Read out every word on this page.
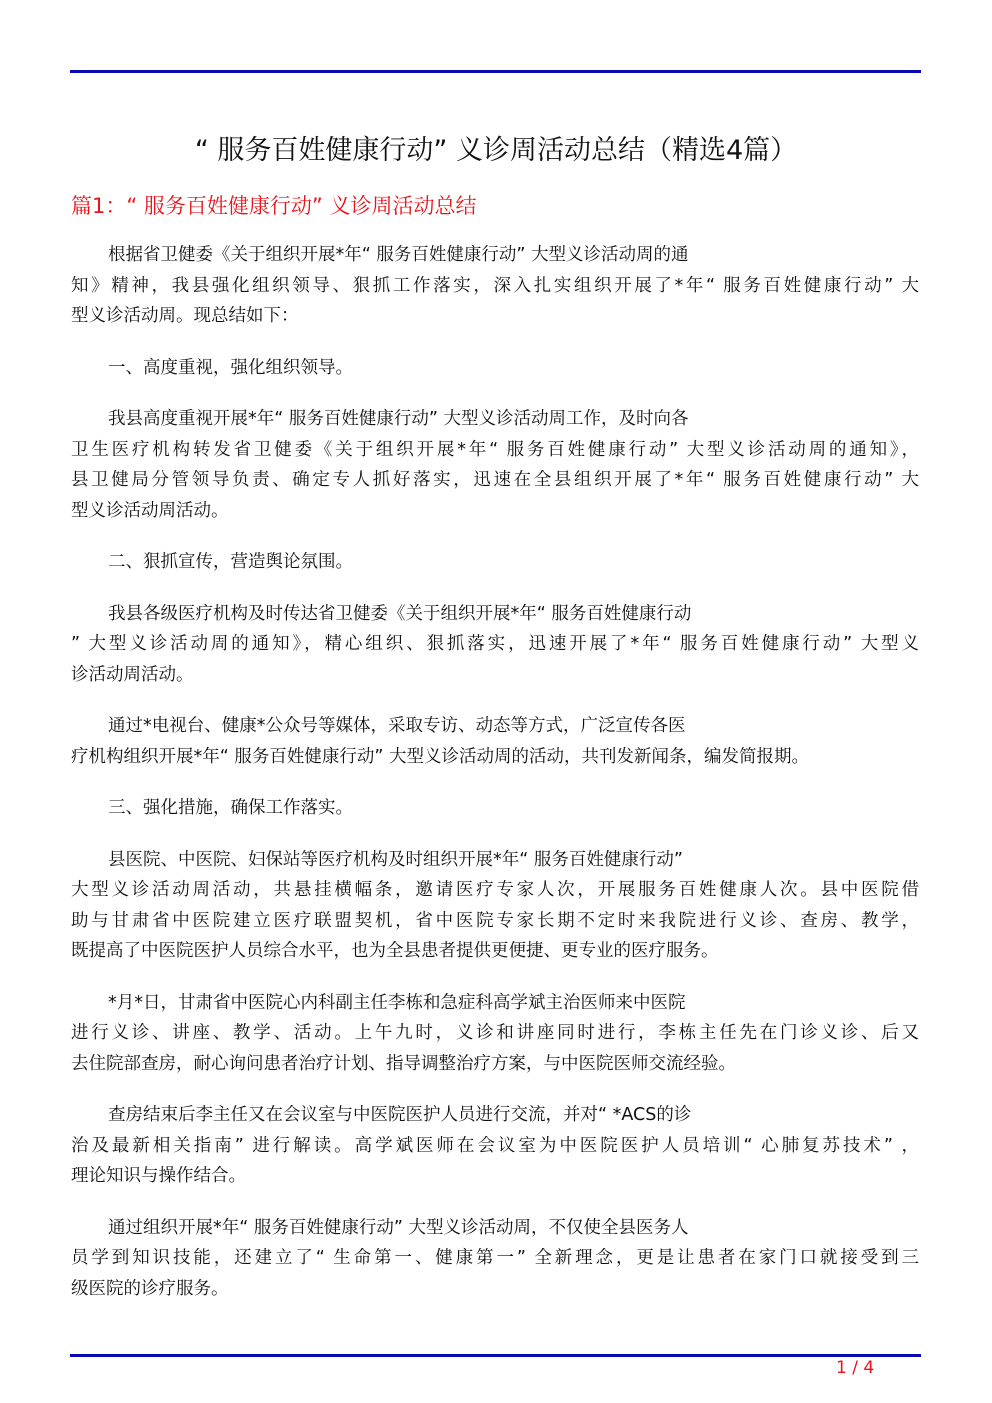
“ 服务百姓健康行动” 义诊周活动总结（精选4篇）
篇1：“ 服务百姓健康行动” 义诊周活动总结
根据省卫健委《关于组织开展*年“ 服务百姓健康行动” 大型义诊活动周的通
知》精神，我县强化组织领导、狠抓工作落实，深入扎实组织开展了*年“ 服务百姓健康行动” 大
型义诊活动周。现总结如下：
一、高度重视，强化组织领导。
我县高度重视开展*年“ 服务百姓健康行动” 大型义诊活动周工作，及时向各
卫生医疗机构转发省卫健委《关于组织开展*年“ 服务百姓健康行动” 大型义诊活动周的通知》，
县卫健局分管领导负责、确定专人抓好落实，迅速在全县组织开展了*年“ 服务百姓健康行动” 大
型义诊活动周活动。
二、狠抓宣传，营造舆论氛围。
我县各级医疗机构及时传达省卫健委《关于组织开展*年“ 服务百姓健康行动
” 大型义诊活动周的通知》，精心组织、狠抓落实，迅速开展了*年“ 服务百姓健康行动” 大型义
诊活动周活动。
通过*电视台、健康*公众号等媒体，采取专访、动态等方式，广泛宣传各医
疗机构组织开展*年“ 服务百姓健康行动” 大型义诊活动周的活动，共刊发新闻条，编发简报期。
三、强化措施，确保工作落实。
县医院、中医院、妇保站等医疗机构及时组织开展*年“ 服务百姓健康行动”
大型义诊活动周活动，共悬挂横幅条，邀请医疗专家人次，开展服务百姓健康人次。县中医院借
助与甘肃省中医院建立医疗联盟契机，省中医院专家长期不定时来我院进行义诊、查房、教学，
既提高了中医院医护人员综合水平，也为全县患者提供更便捷、更专业的医疗服务。
*月*日，甘肃省中医院心内科副主任李栋和急症科高学斌主治医师来中医院
进行义诊、讲座、教学、活动。上午九时，义诊和讲座同时进行，李栋主任先在门诊义诊、后又
去住院部查房，耐心询问患者治疗计划、指导调整治疗方案，与中医院医师交流经验。
查房结束后李主任又在会议室与中医院医护人员进行交流，并对“ *ACS的诊
治及最新相关指南” 进行解读。高学斌医师在会议室为中医院医护人员培训“ 心肺复苏技术” ，
理论知识与操作结合。
通过组织开展*年“ 服务百姓健康行动” 大型义诊活动周，不仅使全县医务人
员学到知识技能，还建立了“ 生命第一、健康第一” 全新理念，更是让患者在家门口就接受到三
级医院的诊疗服务。
1 / 4
